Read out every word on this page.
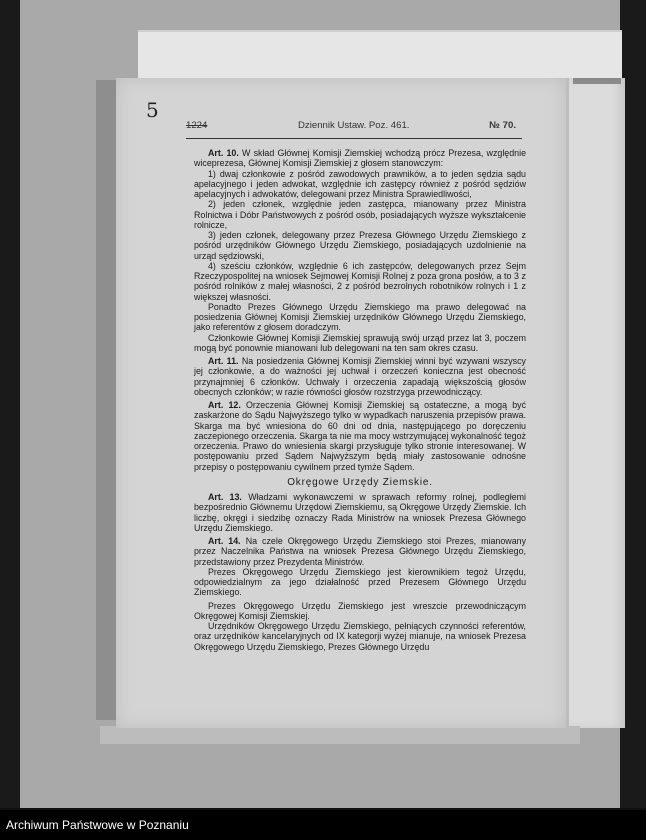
5
1224	Dziennik Ustaw. Poz. 461.	№ 70.

Art. 10. W skład Głównej Komisji Ziemskiej wchodzą prócz Prezesa, względnie wiceprezesa, Głównej Komisji Ziemskiej z głosem stanowczym:

1) dwaj członkowie z pośród zawodowych prawników, a to jeden sędzia sądu apelacyjnego i jeden adwokat, względnie ich zastępcy również z pośród sędziów apelacyjnych i adwokatów, delegowani przez Ministra Sprawiedliwości,

2) jeden członek, względnie jeden zastępca, mianowany przez Ministra Rolnictwa i Dóbr Państwowych z pośród osób, posiadających wyższe wykształcenie rolnicze,

3) jeden członek, delegowany przez Prezesa Głównego Urzędu Ziemskiego z pośród urzędników Głównego Urzędu Ziemskiego, posiadających uzdolnienie na urząd sędziowski,

4) sześciu członków, względnie 6 ich zastępców, delegowanych przez Sejm Rzeczypospolitej na wniosek Sejmowej Komisji Rolnej z poza grona posłów, a to 3 z pośród rolników z małej własności, 2 z pośród bezrolnych robotników rolnych i 1 z większej własności.

Ponadto Prezes Głównego Urzędu Ziemskiego ma prawo delegować na posiedzenia Głównej Komisji Ziemskiej urzędników Głównego Urzędu Ziemskiego, jako referentów z głosem doradczym.

Członkowie Głównej Komisji Ziemskiej sprawują swój urząd przez lat 3, poczem mogą być ponownie mianowani lub delegowani na ten sam okres czasu.

Art. 11. Na posiedzenia Głównej Komisji Ziemskiej winni być wzywani wszyscy jej członkowie, a do ważności jej uchwał i orzeczeń konieczna jest obecność przynajmniej 6 członków. Uchwały i orzeczenia zapadają większością głosów obecnych członków; w razie równości głosów rozstrzyga przewodniczący.

Art. 12. Orzeczenia Głównej Komisji Ziemskiej są ostateczne, a mogą być zaskarżone do Sądu Najwyższego tylko w wypadkach naruszenia przepisów prawa. Skarga ma być wniesiona do 60 dni od dnia, następującego po doręczeniu zaczepionego orzeczenia. Skarga ta nie ma mocy wstrzymującej wykonalność tegoż orzeczenia. Prawo do wniesienia skargi przysługuje tylko stronie interesowanej. W postępowaniu przed Sądem Najwyższym będą miały zastosowanie odnośne przepisy o postępowaniu cywilnem przed tymże Sądem.

Okręgowe Urzędy Ziemskie.

Art. 13. Władzami wykonawczemi w sprawach reformy rolnej, podległemi bezpośrednio Głównemu Urzędowi Ziemskiemu, są Okręgowe Urzędy Ziemskie. Ich liczbę, okręgi i siedzibę oznaczy Rada Ministrów na wniosek Prezesa Głównego Urzędu Ziemskiego.

Art. 14. Na czele Okręgowego Urzędu Ziemskiego stoi Prezes, mianowany przez Naczelnika Państwa na wniosek Prezesa Głównego Urzędu Ziemskiego, przedstawiony przez Prezydenta Ministrów.

Prezes Okręgowego Urzędu Ziemskiego jest kierownikiem tegoż Urzędu, odpowiedzialnym za jego działalność przed Prezesem Głównego Urzędu Ziemskiego.

Prezes Okręgowego Urzędu Ziemskiego jest wreszcie przewodniczącym Okręgowej Komisji Ziemskiej.

Urzędników Okręgowego Urzędu Ziemskiego, pełniących czynności referentów, oraz urzędników kancelaryjnych od IX kategorji wyżej mianuje, na wniosek Prezesa Okręgowego Urzędu Ziemskiego, Prezes Głównego Urzędu

Archiwum Państwowe w Poznaniu
